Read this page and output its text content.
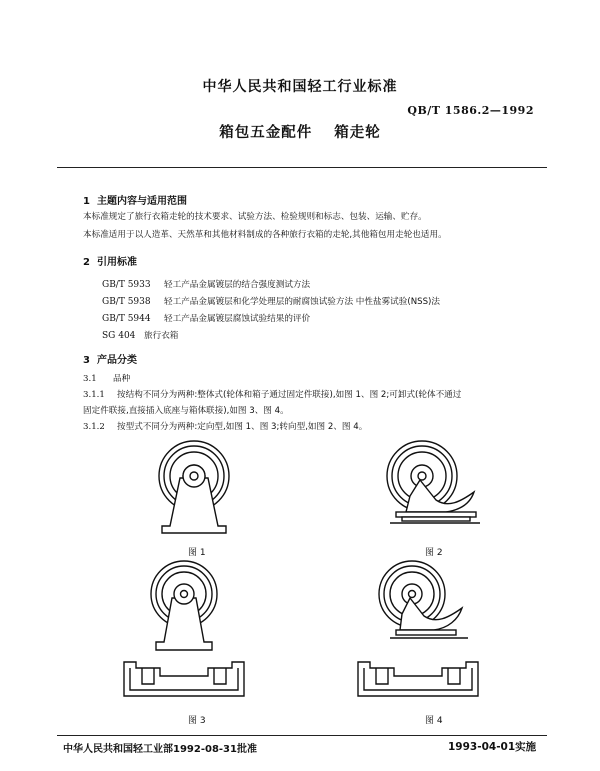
中华人民共和国轻工行业标准
QB/T 1586.2—1992
箱包五金配件 箱走轮
1 主题内容与适用范围
本标准规定了旅行衣箱走轮的技术要求、试验方法、检验规则和标志、包装、运输、贮存。
本标准适用于以人造革、天然革和其他材料制成的各种旅行衣箱的走轮,其他箱包用走轮也适用。
2 引用标准
GB/T 5933 轻工产品金属镀层的结合强度测试方法
GB/T 5938 轻工产品金属镀层和化学处理层的耐腐蚀试验方法 中性盐雾试验(NSS)法
GB/T 5944 轻工产品金属镀层腐蚀试验结果的评价
SG 404 旅行衣箱
3 产品分类
3.1 品种
3.1.1 按结构不同分为两种:整体式(轮体和箱子通过固定件联接),如图 1、图 2;可卸式(轮体不通过
固定件联接,直接插入底座与箱体联接),如图 3、图 4。
3.1.2 按型式不同分为两种:定向型,如图 1、图 3;转向型,如图 2、图 4。
图 1	图 2
图 3	图 4
中华人民共和国轻工业部1992-08-31批准	1993-04-01实施
